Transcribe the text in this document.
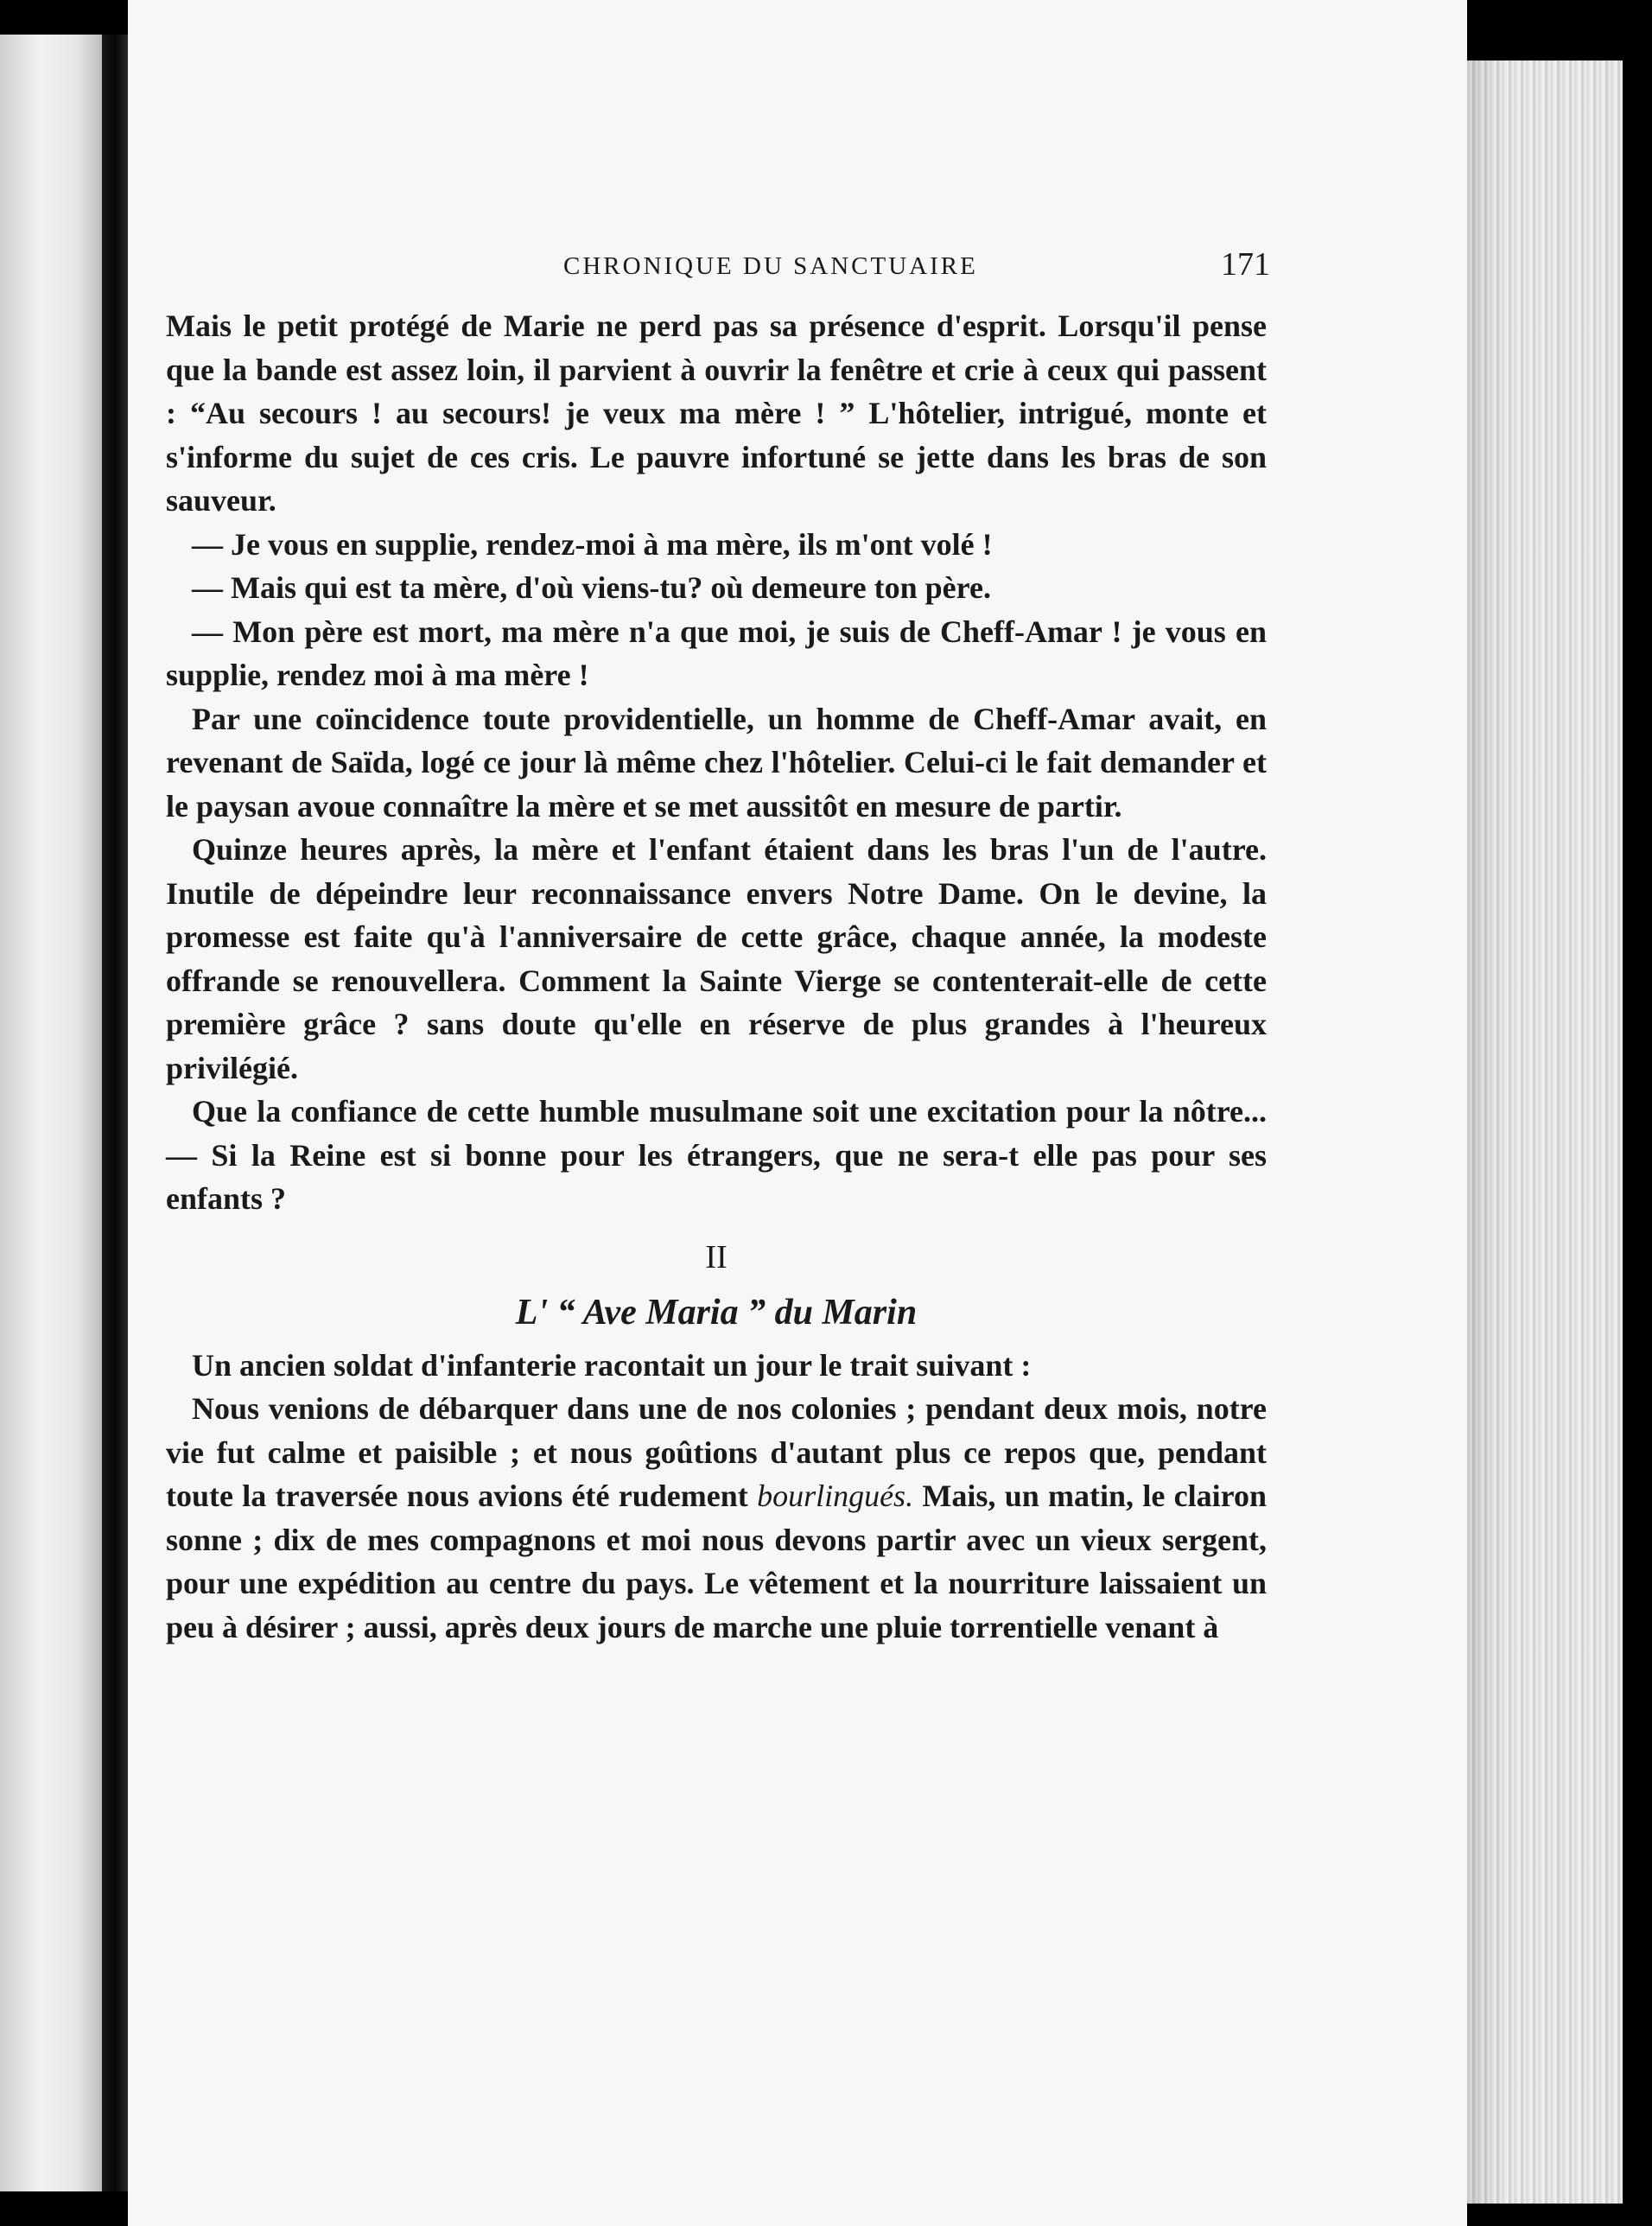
CHRONIQUE DU SANCTUAIRE	171

Mais le petit protégé de Marie ne perd pas sa présence d'esprit. Lorsqu'il pense que la bande est assez loin, il parvient à ouvrir la fenêtre et crie à ceux qui passent : “Au secours ! au secours! je veux ma mère ! ” L'hôtelier, intrigué, monte et s'informe du sujet de ces cris. Le pauvre infortuné se jette dans les bras de son sauveur.

— Je vous en supplie, rendez-moi à ma mère, ils m'ont volé !

— Mais qui est ta mère, d'où viens-tu? où demeure ton père.

— Mon père est mort, ma mère n'a que moi, je suis de Cheff-Amar ! je vous en supplie, rendez moi à ma mère !

Par une coïncidence toute providentielle, un homme de Cheff-Amar avait, en revenant de Saïda, logé ce jour là même chez l'hôtelier. Celui-ci le fait demander et le paysan avoue connaître la mère et se met aussitôt en mesure de partir.

Quinze heures après, la mère et l'enfant étaient dans les bras l'un de l'autre. Inutile de dépeindre leur reconnaissance envers Notre Dame. On le devine, la promesse est faite qu'à l'anniversaire de cette grâce, chaque année, la modeste offrande se renouvellera. Comment la Sainte Vierge se contenterait-elle de cette première grâce ? sans doute qu'elle en réserve de plus grandes à l'heureux privilégié.

Que la confiance de cette humble musulmane soit une excitation pour la nôtre... — Si la Reine est si bonne pour les étrangers, que ne sera-t elle pas pour ses enfants ?

II
L' “ Ave Maria ” du Marin

Un ancien soldat d'infanterie racontait un jour le trait suivant :

Nous venions de débarquer dans une de nos colonies ; pendant deux mois, notre vie fut calme et paisible ; et nous goûtions d'autant plus ce repos que, pendant toute la traversée nous avions été rudement bourlingués. Mais, un matin, le clairon sonne ; dix de mes compagnons et moi nous devons partir avec un vieux sergent, pour une expédition au centre du pays. Le vêtement et la nourriture laissaient un peu à désirer ; aussi, après deux jours de marche une pluie torrentielle venant à
